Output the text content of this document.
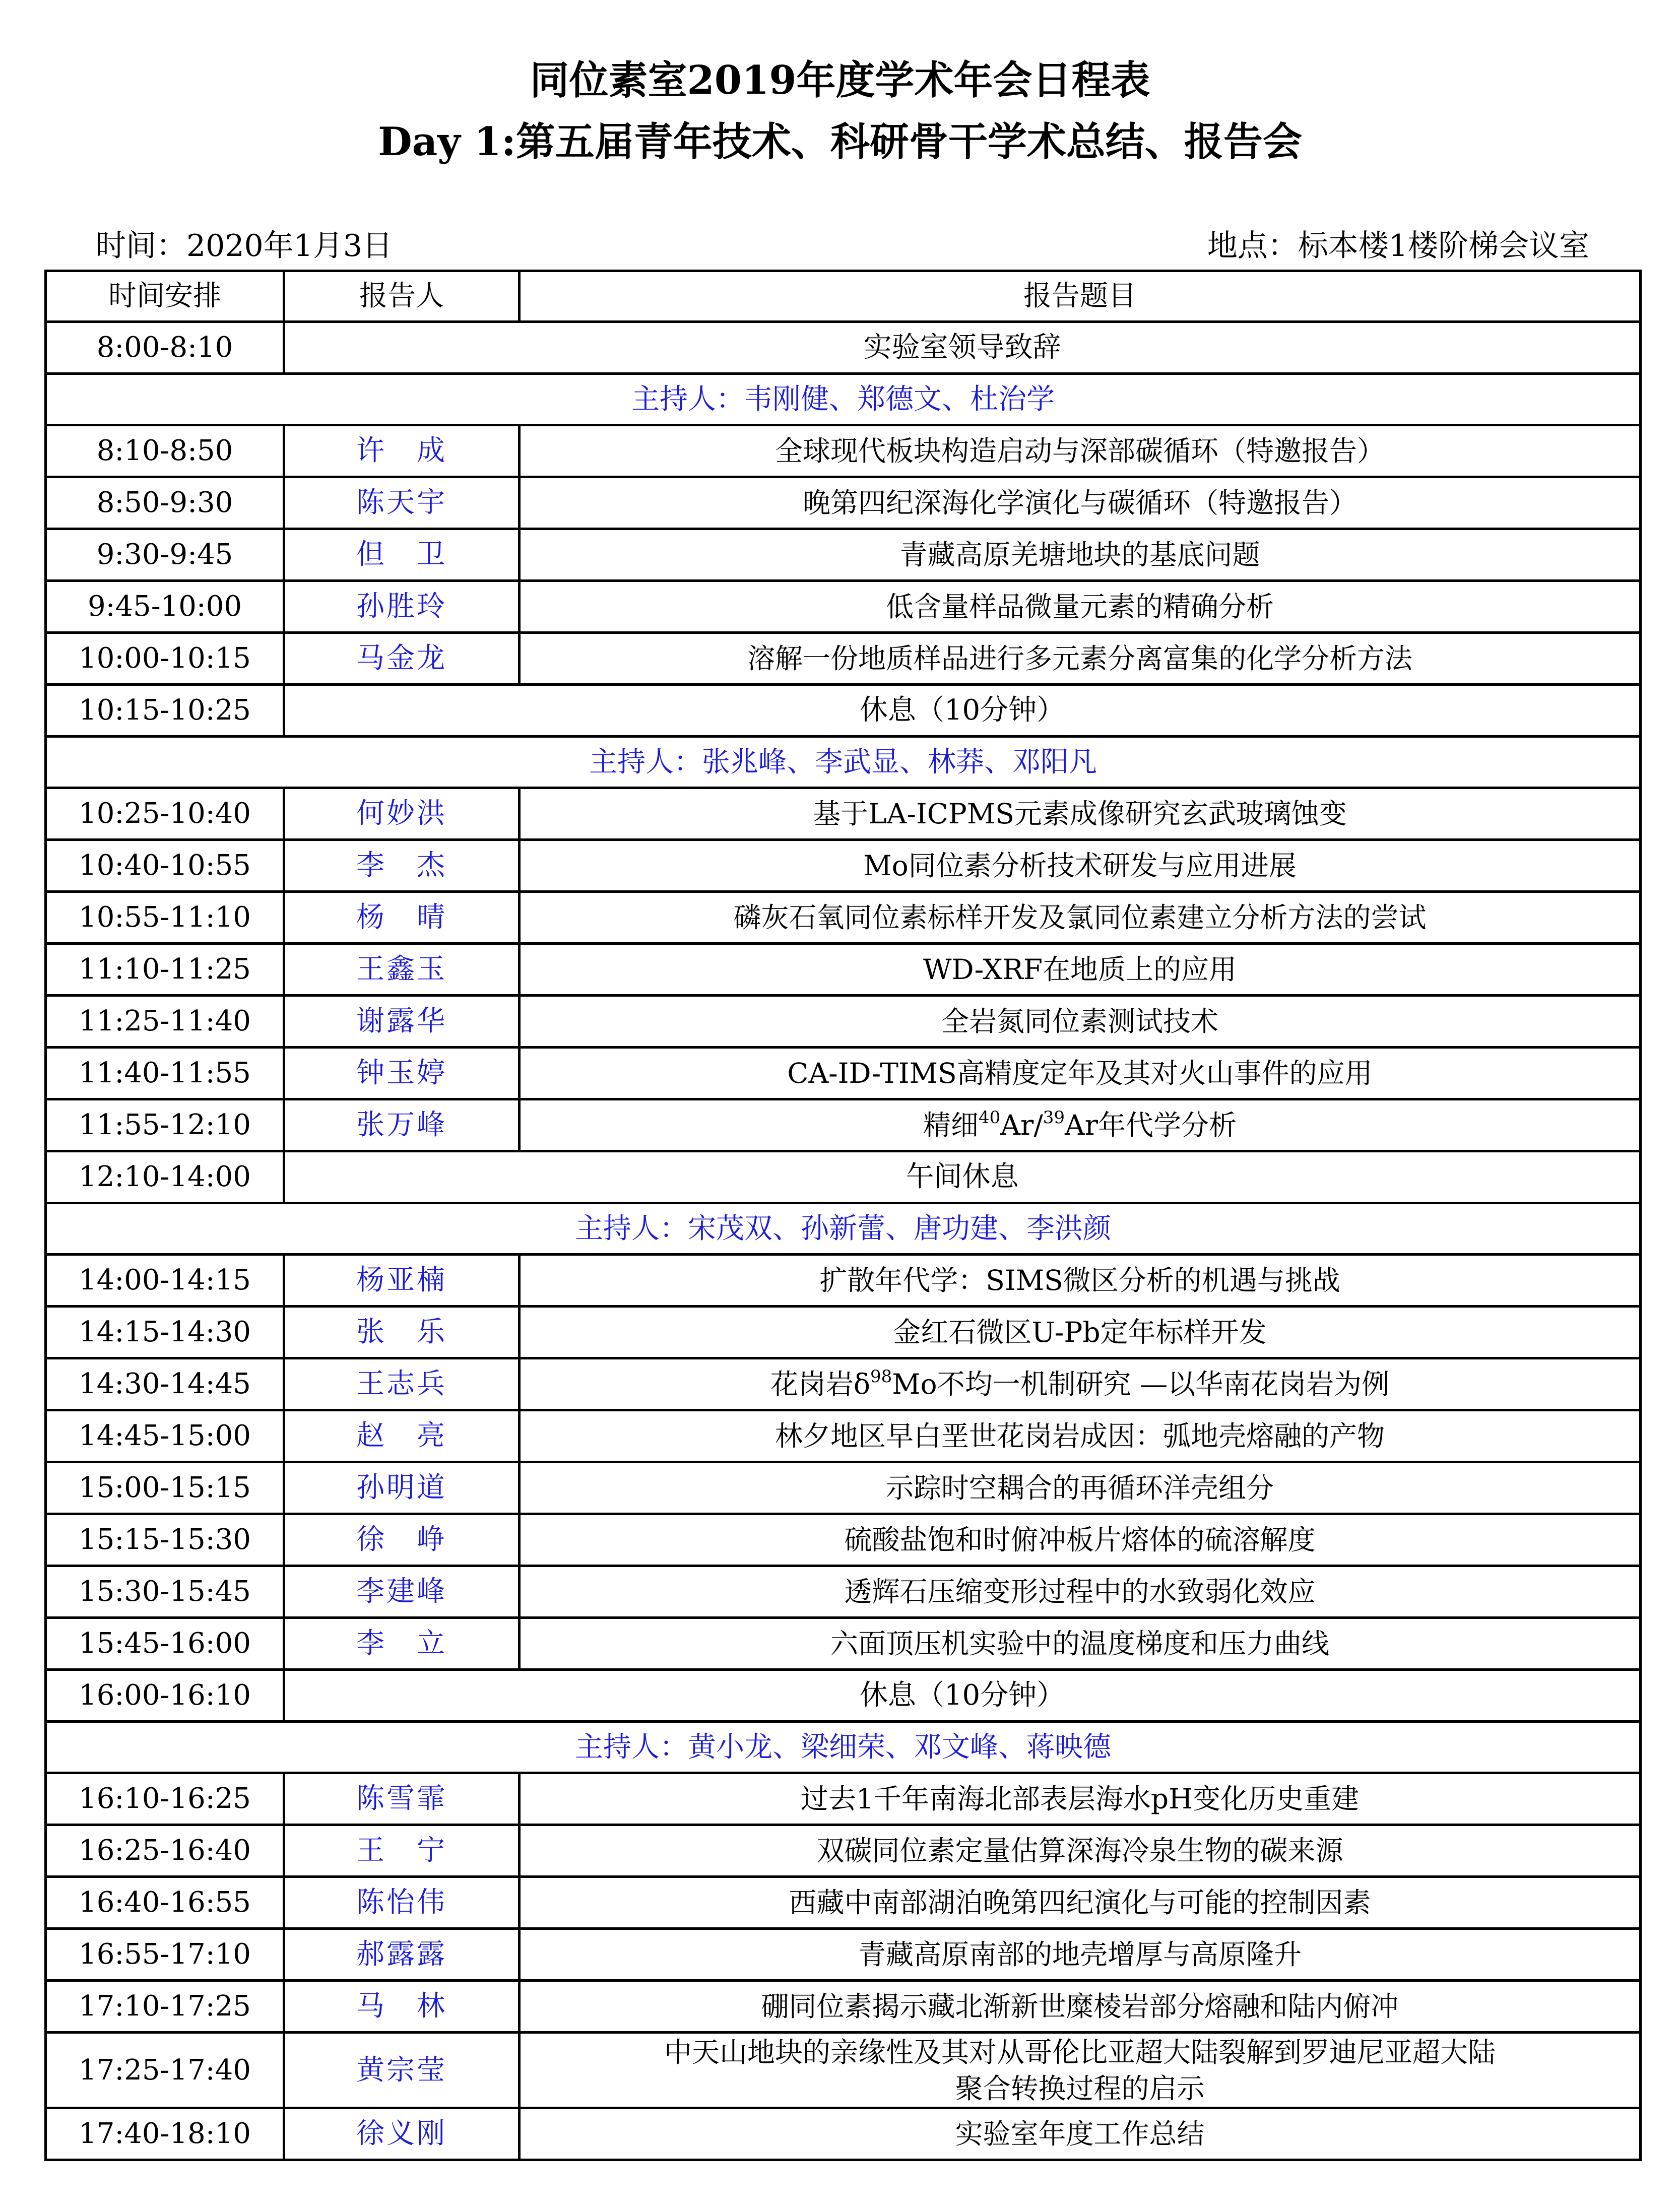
同位素室2019年度学术年会日程表
Day 1:第五届青年技术、科研骨干学术总结、报告会
时间：2020年1月3日	地点：标本楼1楼阶梯会议室
时间安排	报告人	报告题目
8:00-8:10	实验室领导致辞	
主持人：韦刚健、郑德文、杜治学		
8:10-8:50	许　成	全球现代板块构造启动与深部碳循环（特邀报告）
8:50-9:30	陈天宇	晚第四纪深海化学演化与碳循环（特邀报告）
9:30-9:45	但　卫	青藏高原羌塘地块的基底问题
9:45-10:00	孙胜玲	低含量样品微量元素的精确分析
10:00-10:15	马金龙	溶解一份地质样品进行多元素分离富集的化学分析方法
10:15-10:25	休息（10分钟）	
主持人：张兆峰、李武显、林莽、邓阳凡		
10:25-10:40	何妙洪	基于LA-ICPMS元素成像研究玄武玻璃蚀变
10:40-10:55	李　杰	Mo同位素分析技术研发与应用进展
10:55-11:10	杨　晴	磷灰石氧同位素标样开发及氯同位素建立分析方法的尝试
11:10-11:25	王鑫玉	WD-XRF在地质上的应用
11:25-11:40	谢露华	全岩氮同位素测试技术
11:40-11:55	钟玉婷	CA-ID-TIMS高精度定年及其对火山事件的应用
11:55-12:10	张万峰	精细$^{40}$Ar/$^{39}$Ar年代学分析
12:10-14:00	午间休息	
主持人：宋茂双、孙新蕾、唐功建、李洪颜		
14:00-14:15	杨亚楠	扩散年代学：SIMS微区分析的机遇与挑战
14:15-14:30	张　乐	金红石微区U-Pb定年标样开发
14:30-14:45	王志兵	花岗岩$\delta^{98}Mo$不均一机制研究 —以华南花岗岩为例
14:45-15:00	赵　亮	林夕地区早白垩世花岗岩成因：弧地壳熔融的产物
15:00-15:15	孙明道	示踪时空耦合的再循环洋壳组分
15:15-15:30	徐　峥	硫酸盐饱和时俯冲板片熔体的硫溶解度
15:30-15:45	李建峰	透辉石压缩变形过程中的水致弱化效应
15:45-16:00	李　立	六面顶压机实验中的温度梯度和压力曲线
16:00-16:10	休息（10分钟）	
主持人：黄小龙、梁细荣、邓文峰、蒋映德		
16:10-16:25	陈雪霏	过去1千年南海北部表层海水pH变化历史重建
16:25-16:40	王　宁	双碳同位素定量估算深海冷泉生物的碳来源
16:40-16:55	陈怡伟	西藏中南部湖泊晚第四纪演化与可能的控制因素
16:55-17:10	郝露露	青藏高原南部的地壳增厚与高原隆升
17:10-17:25	马　林	硼同位素揭示藏北渐新世糜棱岩部分熔融和陆内俯冲
17:25-17:40	黄宗莹	中天山地块的亲缘性及其对从哥伦比亚超大陆裂解到罗迪尼亚超大陆
聚合转换过程的启示
17:40-18:10	徐义刚	实验室年度工作总结
